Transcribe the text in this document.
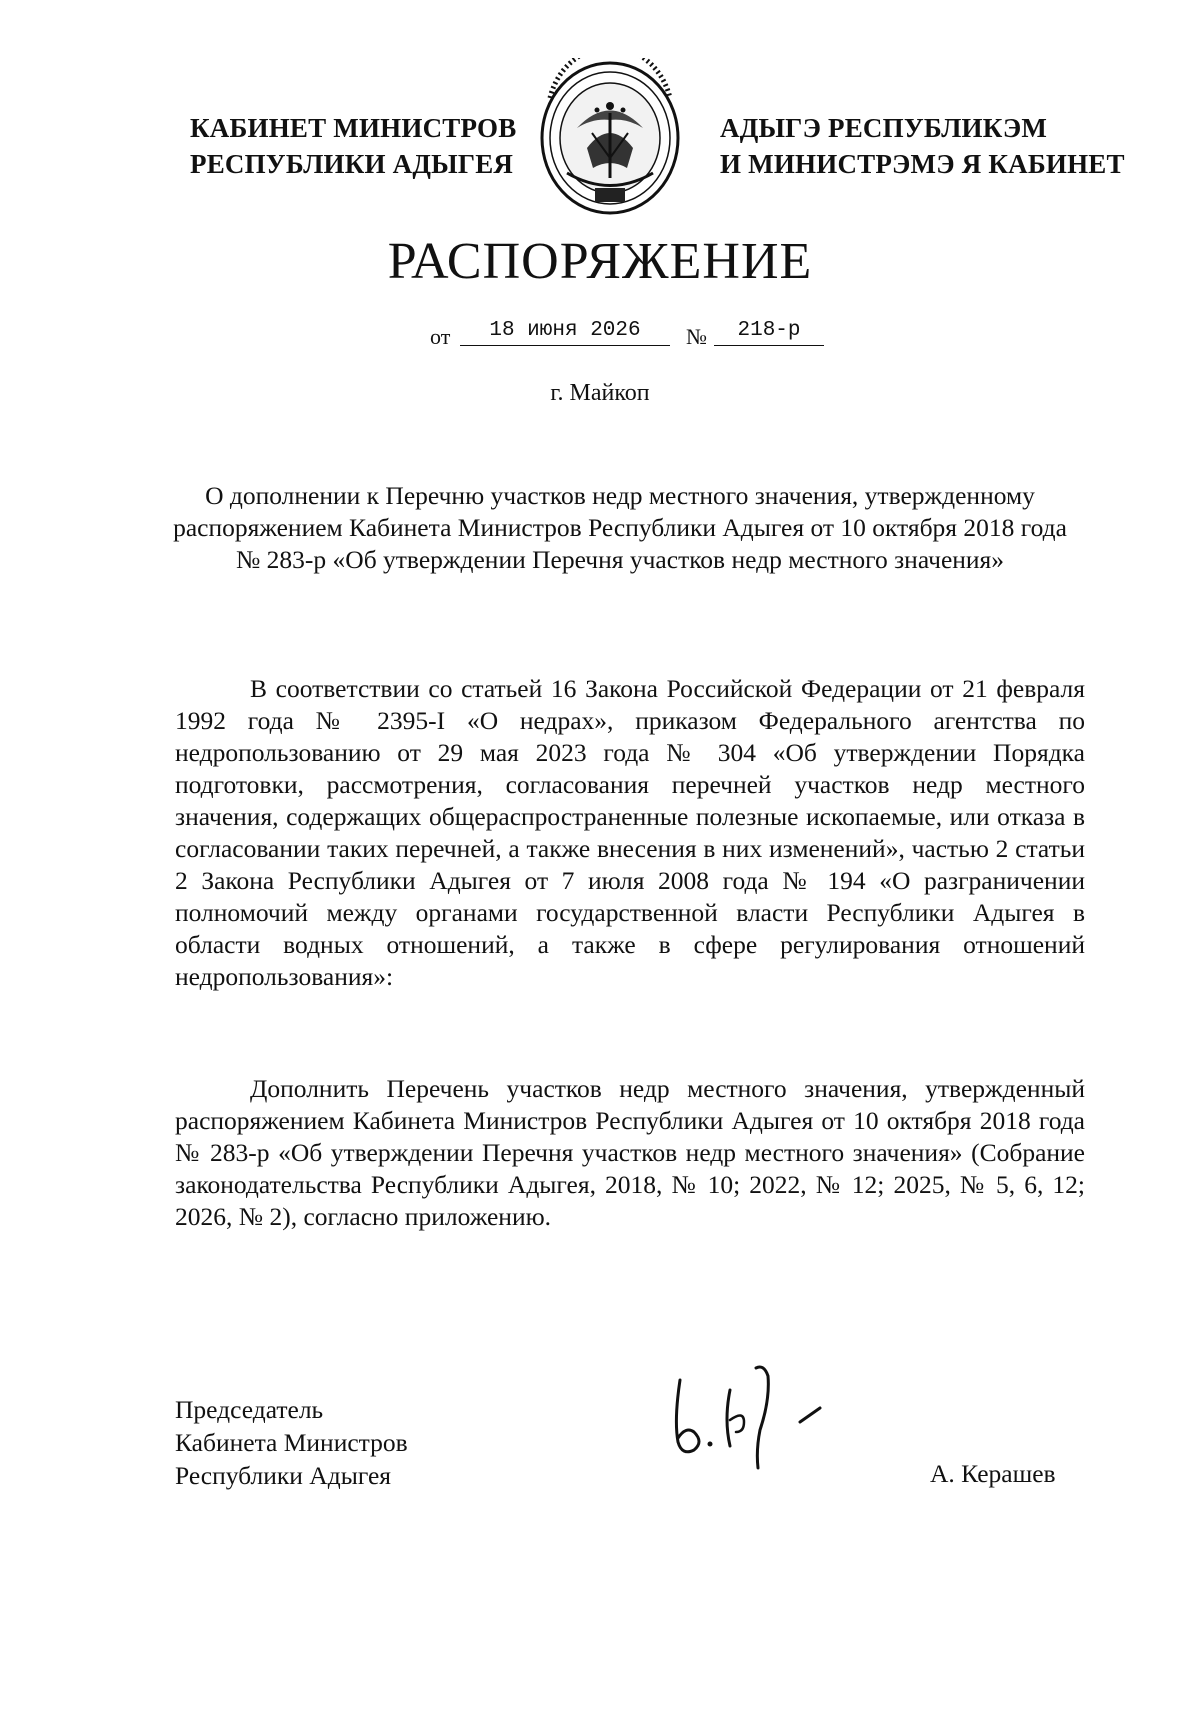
КАБИНЕТ МИНИСТРОВ
РЕСПУБЛИКИ АДЫГЕЯ
АДЫГЭ РЕСПУБЛИКЭМ
И МИНИСТРЭМЭ Я КАБИНЕТ
РАСПОРЯЖЕНИЕ
от	18 июня 2026	№	218-р
г. Майкоп
О дополнении к Перечню участков недр местного значения, утвержденному распоряжением Кабинета Министров Республики Адыгея от 10 октября 2018 года № 283-р «Об утверждении Перечня участков недр местного значения»
В соответствии со статьей 16 Закона Российской Федерации от 21 февраля 1992 года № 2395-I «О недрах», приказом Федерального агентства по недропользованию от 29 мая 2023 года № 304 «Об утверждении Порядка подготовки, рассмотрения, согласования перечней участков недр местного значения, содержащих общераспространенные полезные ископаемые, или отказа в согласовании таких перечней, а также внесения в них изменений», частью 2 статьи 2 Закона Республики Адыгея от 7 июля 2008 года № 194 «О разграничении полномочий между органами государственной власти Республики Адыгея в области водных отношений, а также в сфере регулирования отношений недропользования»:
Дополнить Перечень участков недр местного значения, утвержденный распоряжением Кабинета Министров Республики Адыгея от 10 октября 2018 года № 283-р «Об утверждении Перечня участков недр местного значения» (Собрание законодательства Республики Адыгея, 2018, № 10; 2022, № 12; 2025, № 5, 6, 12; 2026, № 2), согласно приложению.
Председатель
Кабинета Министров
Республики Адыгея	А. Керашев
